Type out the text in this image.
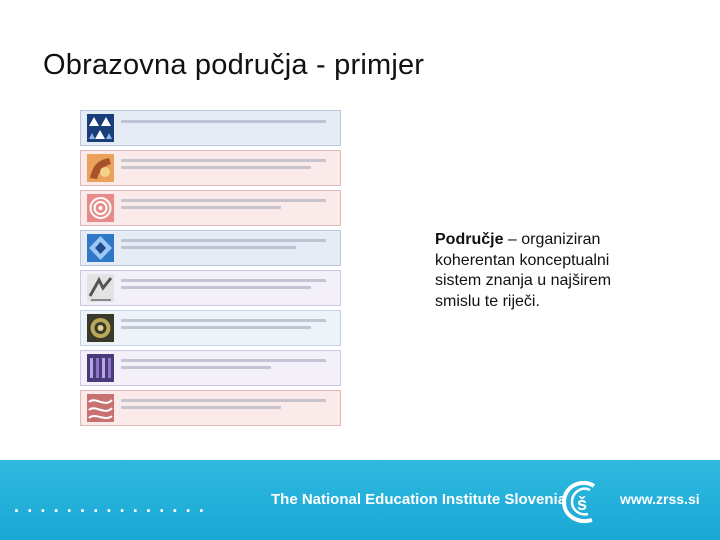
Obrazovna područja - primjer
Područje – organiziran koherentan konceptualni sistem znanja u najširem smislu te riječi.
...............	The National Education Institute Slovenia š www.zrss.si
